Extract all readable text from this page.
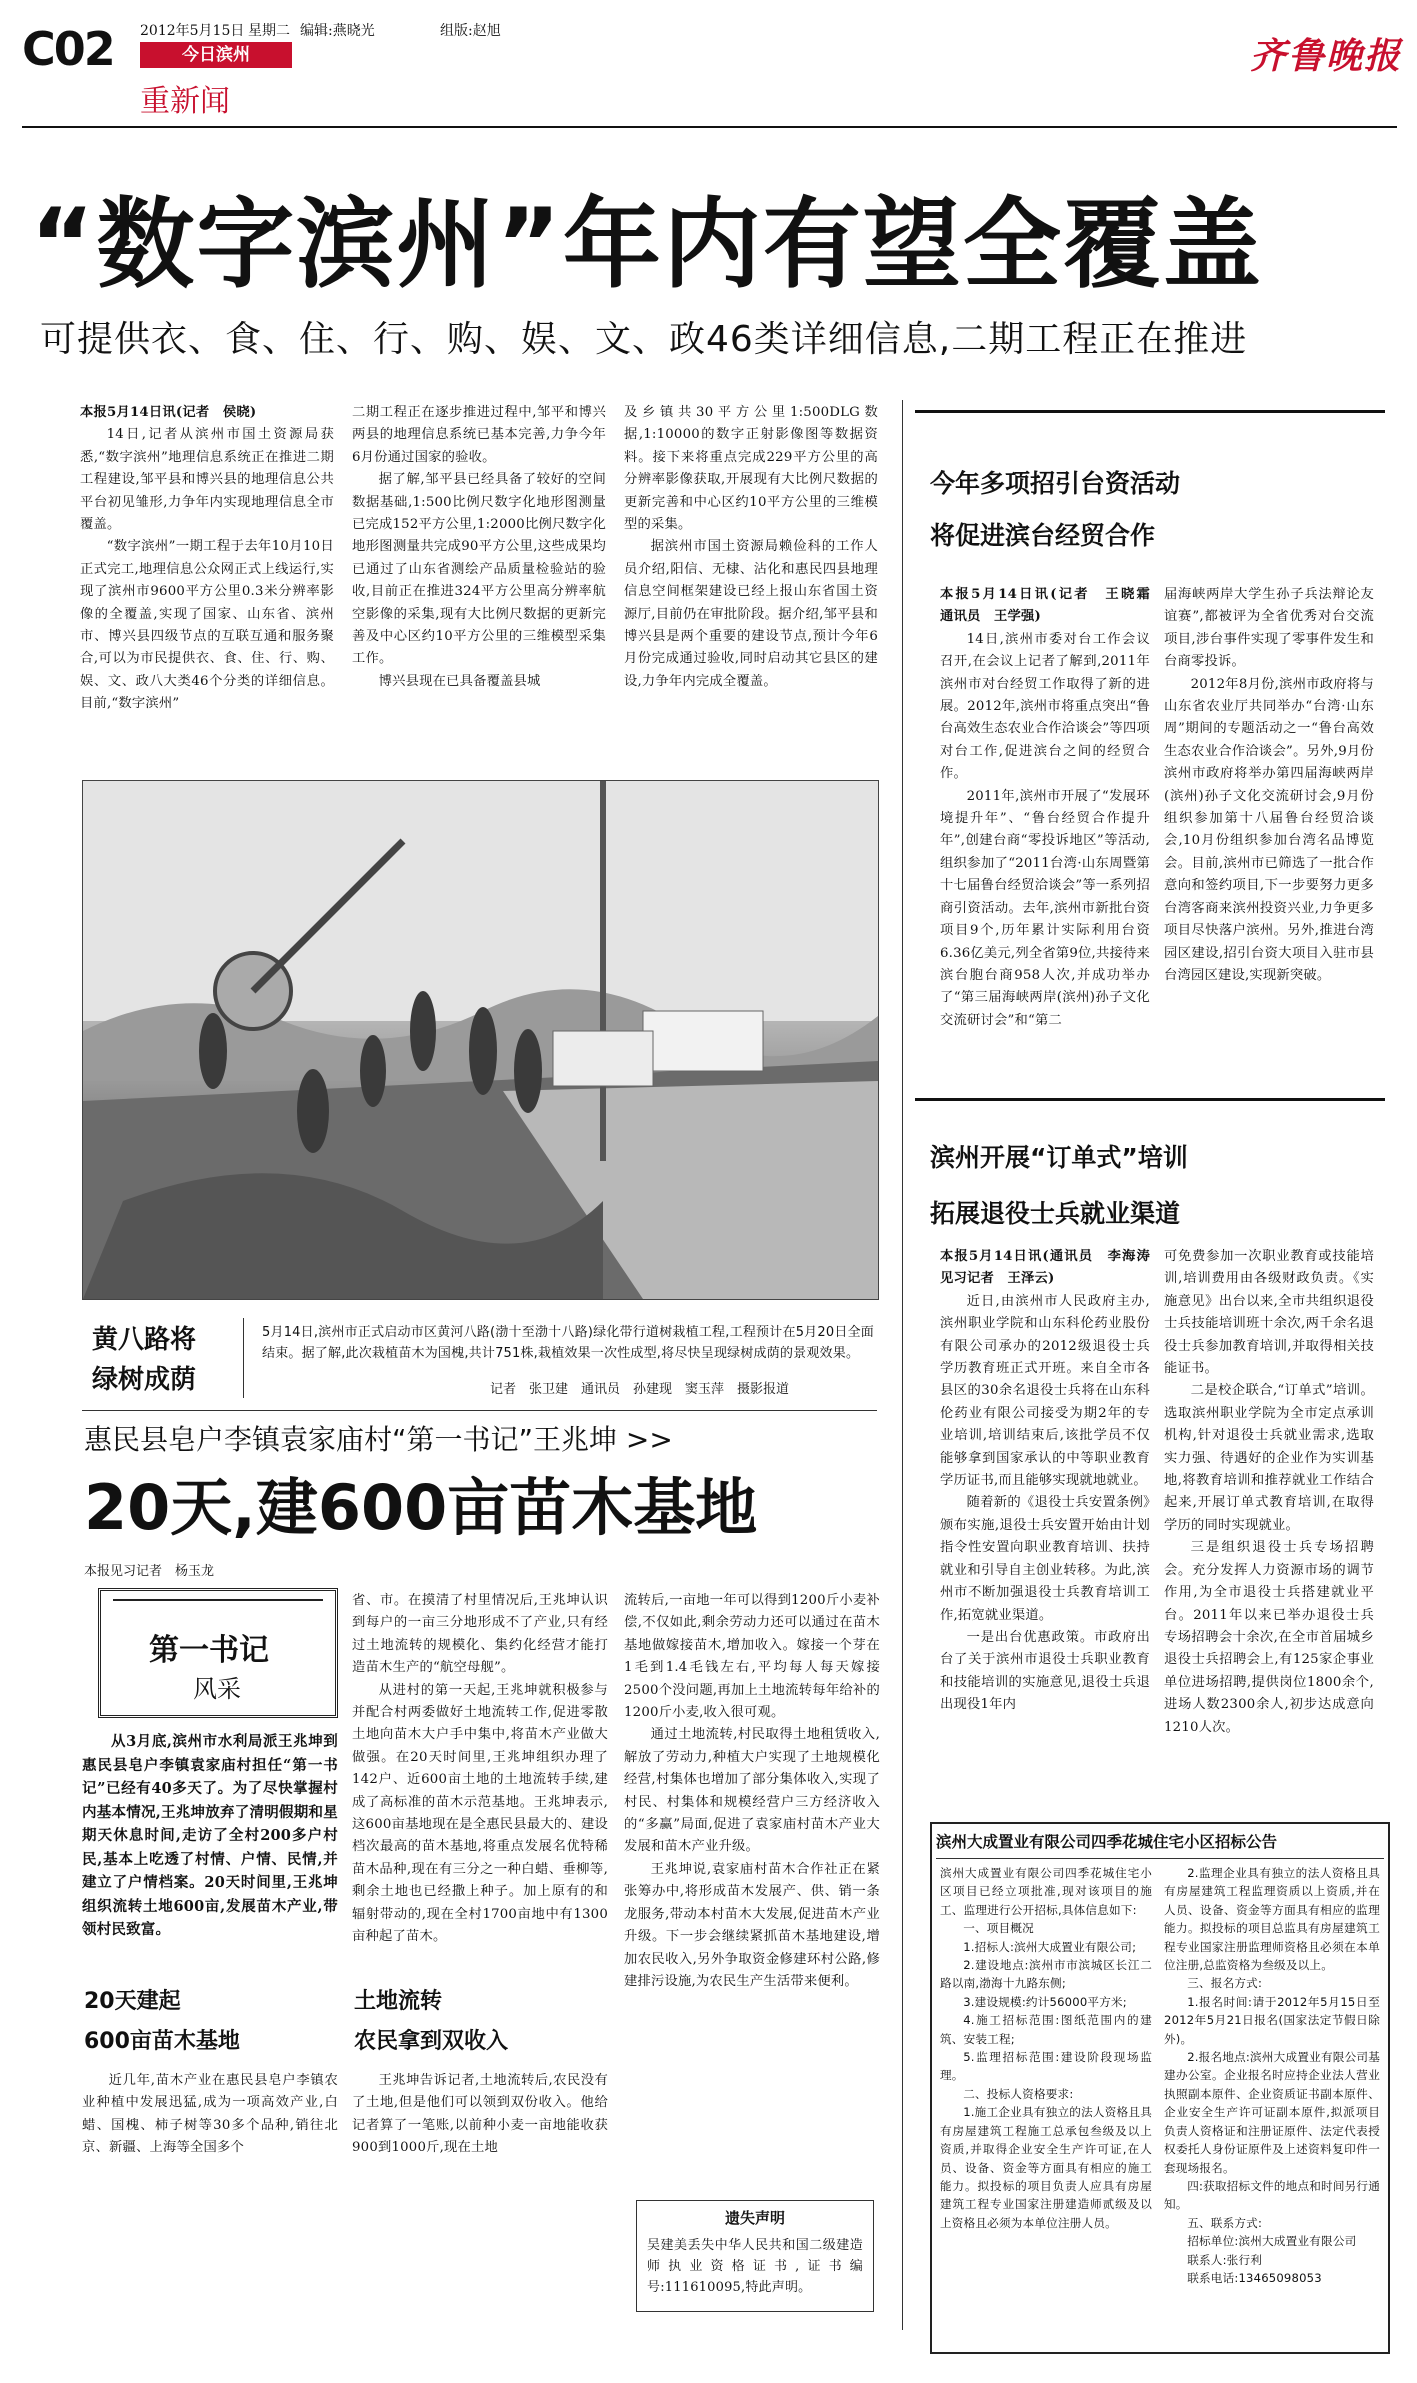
C02 2012年5月15日 星期二 编辑:燕晓光	组版:赵旭
今日滨州
重新闻
齐鲁晚报
“数字滨州”年内有望全覆盖
可提供衣、食、住、行、购、娱、文、政46类详细信息,二期工程正在推进

本报5月14日讯(记者　侯晓)

14日,记者从滨州市国土资源局获悉,“数字滨州”地理信息系统正在推进二期工程建设,邹平县和博兴县的地理信息公共平台初见雏形,力争年内实现地理信息全市覆盖。

“数字滨州”一期工程于去年10月10日正式完工,地理信息公众网正式上线运行,实现了滨州市9600平方公里0.3米分辨率影像的全覆盖,实现了国家、山东省、滨州市、博兴县四级节点的互联互通和服务聚合,可以为市民提供衣、食、住、行、购、娱、文、政八大类46个分类的详细信息。目前,“数字滨州”

二期工程正在逐步推进过程中,邹平和博兴两县的地理信息系统已基本完善,力争今年6月份通过国家的验收。

据了解,邹平县已经具备了较好的空间数据基础,1:500比例尺数字化地形图测量已完成152平方公里,1:2000比例尺数字化地形图测量共完成90平方公里,这些成果均已通过了山东省测绘产品质量检验站的验收,目前正在推进324平方公里高分辨率航空影像的采集,现有大比例尺数据的更新完善及中心区约10平方公里的三维模型采集工作。

博兴县现在已具备覆盖县城

及乡镇共30平方公里1:500DLG数据,1:10000的数字正射影像图等数据资料。接下来将重点完成229平方公里的高分辨率影像获取,开展现有大比例尺数据的更新完善和中心区约10平方公里的三维模型的采集。

据滨州市国土资源局赖俭科的工作人员介绍,阳信、无棣、沾化和惠民四县地理信息空间框架建设已经上报山东省国土资源厅,目前仍在审批阶段。据介绍,邹平县和博兴县是两个重要的建设节点,预计今年6月份完成通过验收,同时启动其它县区的建设,力争年内完成全覆盖。

黄八路将
绿树成荫

5月14日,滨州市正式启动市区黄河八路(渤十至渤十八路)绿化带行道树栽植工程,工程预计在5月20日全面结束。据了解,此次栽植苗木为国槐,共计751株,栽植效果一次性成型,将尽快呈现绿树成荫的景观效果。

记者　张卫建　通讯员　孙建现　窦玉萍　摄影报道
惠民县皂户李镇袁家庙村“第一书记”王兆坤 >>
20天,建600亩苗木基地
本报见习记者　杨玉龙
第一书记
风采

从3月底,滨州市水利局派王兆坤到惠民县皂户李镇袁家庙村担任“第一书记”已经有40多天了。为了尽快掌握村内基本情况,王兆坤放弃了清明假期和星期天休息时间,走访了全村200多户村民,基本上吃透了村情、户情、民情,并建立了户情档案。20天时间里,王兆坤组织流转土地600亩,发展苗木产业,带领村民致富。

20天建起
600亩苗木基地

近几年,苗木产业在惠民县皂户李镇农业种植中发展迅猛,成为一项高效产业,白蜡、国槐、柿子树等30多个品种,销往北京、新疆、上海等全国多个

省、市。在摸清了村里情况后,王兆坤认识到每户的一亩三分地形成不了产业,只有经过土地流转的规模化、集约化经营才能打造苗木生产的“航空母舰”。

从进村的第一天起,王兆坤就积极参与并配合村两委做好土地流转工作,促进零散土地向苗木大户手中集中,将苗木产业做大做强。在20天时间里,王兆坤组织办理了142户、近600亩土地的土地流转手续,建成了高标准的苗木示范基地。王兆坤表示,这600亩基地现在是全惠民县最大的、建设档次最高的苗木基地,将重点发展名优特稀苗木品种,现在有三分之一种白蜡、垂柳等,剩余土地也已经撒上种子。加上原有的和辐射带动的,现在全村1700亩地中有1300亩种起了苗木。

土地流转
农民拿到双收入

王兆坤告诉记者,土地流转后,农民没有了土地,但是他们可以领到双份收入。他给记者算了一笔账,以前种小麦一亩地能收获900到1000斤,现在土地

流转后,一亩地一年可以得到1200斤小麦补偿,不仅如此,剩余劳动力还可以通过在苗木基地做嫁接苗木,增加收入。嫁接一个芽在1毛到1.4毛钱左右,平均每人每天嫁接2500个没问题,再加上土地流转每年给补的1200斤小麦,收入很可观。

通过土地流转,村民取得土地租赁收入,解放了劳动力,种植大户实现了土地规模化经营,村集体也增加了部分集体收入,实现了村民、村集体和规模经营户三方经济收入的“多赢”局面,促进了袁家庙村苗木产业大发展和苗木产业升级。

王兆坤说,袁家庙村苗木合作社正在紧张筹办中,将形成苗木发展产、供、销一条龙服务,带动本村苗木大发展,促进苗木产业升级。下一步会继续紧抓苗木基地建设,增加农民收入,另外争取资金修建环村公路,修建排污设施,为农民生产生活带来便利。

遗失声明

吴建美丢失中华人民共和国二级建造师执业资格证书,证书编号:111610095,特此声明。

今年多项招引台资活动
将促进滨台经贸合作

本报5月14日讯(记者　王晓霜　通讯员　王学强)

14日,滨州市委对台工作会议召开,在会议上记者了解到,2011年滨州市对台经贸工作取得了新的进展。2012年,滨州市将重点突出“鲁台高效生态农业合作洽谈会”等四项对台工作,促进滨台之间的经贸合作。

2011年,滨州市开展了“发展环境提升年”、“鲁台经贸合作提升年”,创建台商“零投诉地区”等活动,组织参加了“2011台湾·山东周暨第十七届鲁台经贸洽谈会”等一系列招商引资活动。去年,滨州市新批台资项目9个,历年累计实际利用台资6.36亿美元,列全省第9位,共接待来滨台胞台商958人次,并成功举办了“第三届海峡两岸(滨州)孙子文化交流研讨会”和“第二

届海峡两岸大学生孙子兵法辩论友谊赛”,都被评为全省优秀对台交流项目,涉台事件实现了零事件发生和台商零投诉。

2012年8月份,滨州市政府将与山东省农业厅共同举办“台湾·山东周”期间的专题活动之一“鲁台高效生态农业合作洽谈会”。另外,9月份滨州市政府将举办第四届海峡两岸(滨州)孙子文化交流研讨会,9月份组织参加第十八届鲁台经贸洽谈会,10月份组织参加台湾名品博览会。目前,滨州市已筛选了一批合作意向和签约项目,下一步要努力更多台湾客商来滨州投资兴业,力争更多项目尽快落户滨州。另外,推进台湾园区建设,招引台资大项目入驻市县台湾园区建设,实现新突破。

滨州开展“订单式”培训
拓展退役士兵就业渠道

本报5月14日讯(通讯员　李海涛　见习记者　王泽云)

近日,由滨州市人民政府主办,滨州职业学院和山东科伦药业股份有限公司承办的2012级退役士兵学历教育班正式开班。来自全市各县区的30余名退役士兵将在山东科伦药业有限公司接受为期2年的专业培训,培训结束后,该批学员不仅能够拿到国家承认的中等职业教育学历证书,而且能够实现就地就业。

随着新的《退役士兵安置条例》颁布实施,退役士兵安置开始由计划指令性安置向职业教育培训、扶持就业和引导自主创业转移。为此,滨州市不断加强退役士兵教育培训工作,拓宽就业渠道。

一是出台优惠政策。市政府出台了关于滨州市退役士兵职业教育和技能培训的实施意见,退役士兵退出现役1年内

可免费参加一次职业教育或技能培训,培训费用由各级财政负责。《实施意见》出台以来,全市共组织退役士兵技能培训班十余次,两千余名退役士兵参加教育培训,并取得相关技能证书。

二是校企联合,“订单式”培训。选取滨州职业学院为全市定点承训机构,针对退役士兵就业需求,选取实力强、待遇好的企业作为实训基地,将教育培训和推荐就业工作结合起来,开展订单式教育培训,在取得学历的同时实现就业。

三是组织退役士兵专场招聘会。充分发挥人力资源市场的调节作用,为全市退役士兵搭建就业平台。2011年以来已举办退役士兵专场招聘会十余次,在全市首届城乡退役士兵招聘会上,有125家企事业单位进场招聘,提供岗位1800余个,进场人数2300余人,初步达成意向1210人次。

滨州大成置业有限公司四季花城住宅小区招标公告

滨州大成置业有限公司四季花城住宅小区项目已经立项批准,现对该项目的施工、监理进行公开招标,具体信息如下:

一、项目概况

1.招标人:滨州大成置业有限公司;

2.建设地点:滨州市市滨城区长江二路以南,渤海十九路东侧;

3.建设规模:约计56000平方米;

4.施工招标范围:图纸范围内的建筑、安装工程;

5.监理招标范围:建设阶段现场监理。

二、投标人资格要求:

1.施工企业具有独立的法人资格且具有房屋建筑工程施工总承包叁级及以上资质,并取得企业安全生产许可证,在人员、设备、资金等方面具有相应的施工能力。拟投标的项目负责人应具有房屋建筑工程专业国家注册建造师贰级及以上资格且必须为本单位注册人员。

2.监理企业具有独立的法人资格且具有房屋建筑工程监理资质以上资质,并在人员、设备、资金等方面具有相应的监理能力。拟投标的项目总监具有房屋建筑工程专业国家注册监理师资格且必须在本单位注册,总监资格为叁级及以上。

三、报名方式:

1.报名时间:请于2012年5月15日至2012年5月21日报名(国家法定节假日除外)。

2.报名地点:滨州大成置业有限公司基建办公室。企业报名时应持企业法人营业执照副本原件、企业资质证书副本原件、企业安全生产许可证副本原件,拟派项目负责人资格证和注册证原件、法定代表授权委托人身份证原件及上述资料复印件一套现场报名。

四:获取招标文件的地点和时间另行通知。

五、联系方式:

招标单位:滨州大成置业有限公司

联系人:张行利

联系电话:13465098053
